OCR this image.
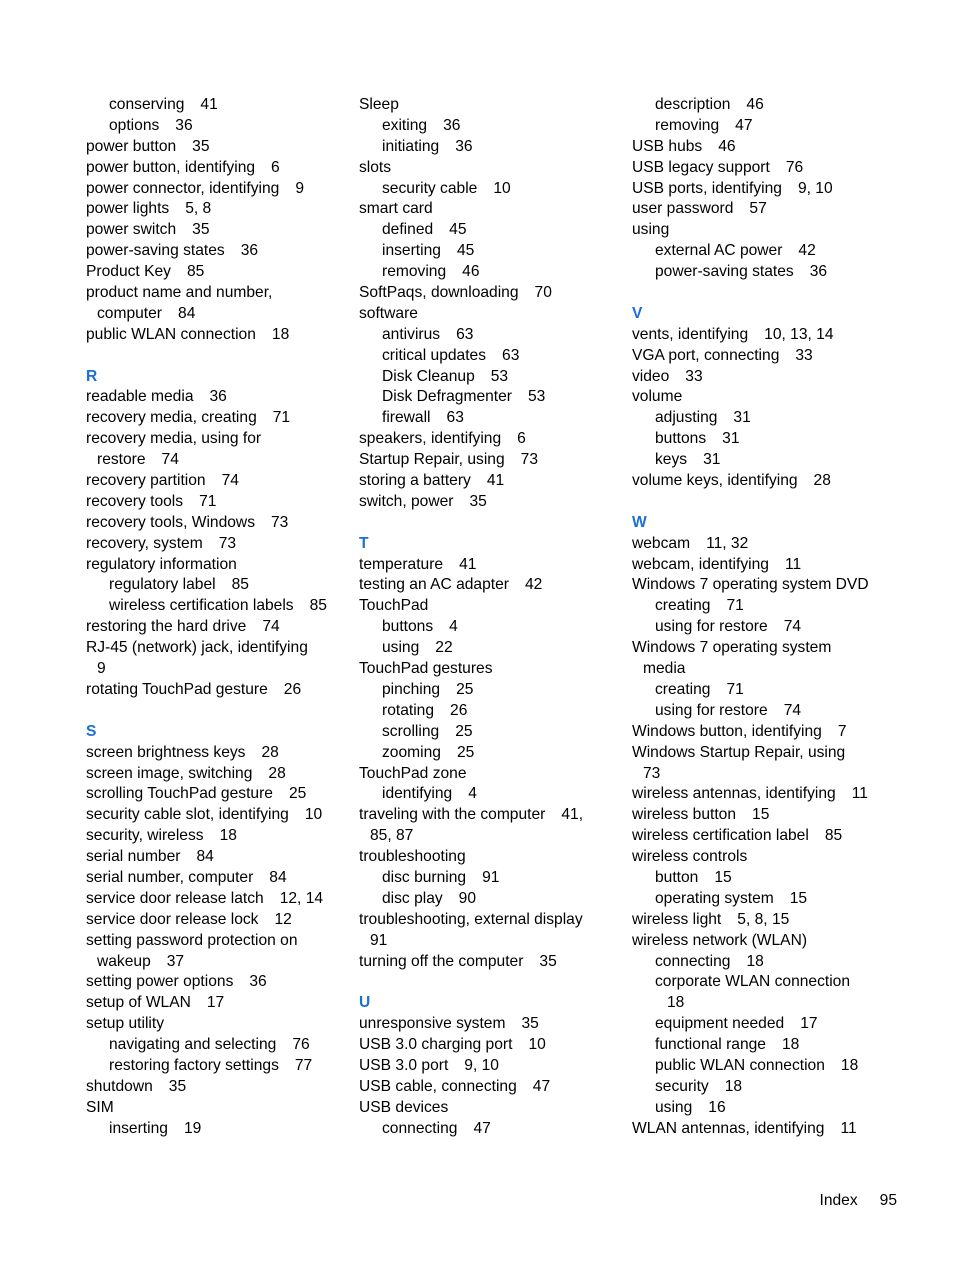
conserving 41
options 36
power button 35
power button, identifying 6
power connector, identifying 9
power lights 5, 8
power switch 35
power-saving states 36
Product Key 85
product name and number,
computer 84
public WLAN connection 18
R
readable media 36
recovery media, creating 71
recovery media, using for
restore 74
recovery partition 74
recovery tools 71
recovery tools, Windows 73
recovery, system 73
regulatory information
regulatory label 85
wireless certification labels 85
restoring the hard drive 74
RJ-45 (network) jack, identifying
9
rotating TouchPad gesture 26
S
screen brightness keys 28
screen image, switching 28
scrolling TouchPad gesture 25
security cable slot, identifying 10
security, wireless 18
serial number 84
serial number, computer 84
service door release latch 12, 14
service door release lock 12
setting password protection on
wakeup 37
setting power options 36
setup of WLAN 17
setup utility
navigating and selecting 76
restoring factory settings 77
shutdown 35
SIM
inserting 19
Sleep
exiting 36
initiating 36
slots
security cable 10
smart card
defined 45
inserting 45
removing 46
SoftPaqs, downloading 70
software
antivirus 63
critical updates 63
Disk Cleanup 53
Disk Defragmenter 53
firewall 63
speakers, identifying 6
Startup Repair, using 73
storing a battery 41
switch, power 35
T
temperature 41
testing an AC adapter 42
TouchPad
buttons 4
using 22
TouchPad gestures
pinching 25
rotating 26
scrolling 25
zooming 25
TouchPad zone
identifying 4
traveling with the computer 41,
85, 87
troubleshooting
disc burning 91
disc play 90
troubleshooting, external display
91
turning off the computer 35
U
unresponsive system 35
USB 3.0 charging port 10
USB 3.0 port 9, 10
USB cable, connecting 47
USB devices
connecting 47
description 46
removing 47
USB hubs 46
USB legacy support 76
USB ports, identifying 9, 10
user password 57
using
external AC power 42
power-saving states 36
V
vents, identifying 10, 13, 14
VGA port, connecting 33
video 33
volume
adjusting 31
buttons 31
keys 31
volume keys, identifying 28
W
webcam 11, 32
webcam, identifying 11
Windows 7 operating system DVD
creating 71
using for restore 74
Windows 7 operating system
media
creating 71
using for restore 74
Windows button, identifying 7
Windows Startup Repair, using
73
wireless antennas, identifying 11
wireless button 15
wireless certification label 85
wireless controls
button 15
operating system 15
wireless light 5, 8, 15
wireless network (WLAN)
connecting 18
corporate WLAN connection
18
equipment needed 17
functional range 18
public WLAN connection 18
security 18
using 16
WLAN antennas, identifying 11
Index 95
